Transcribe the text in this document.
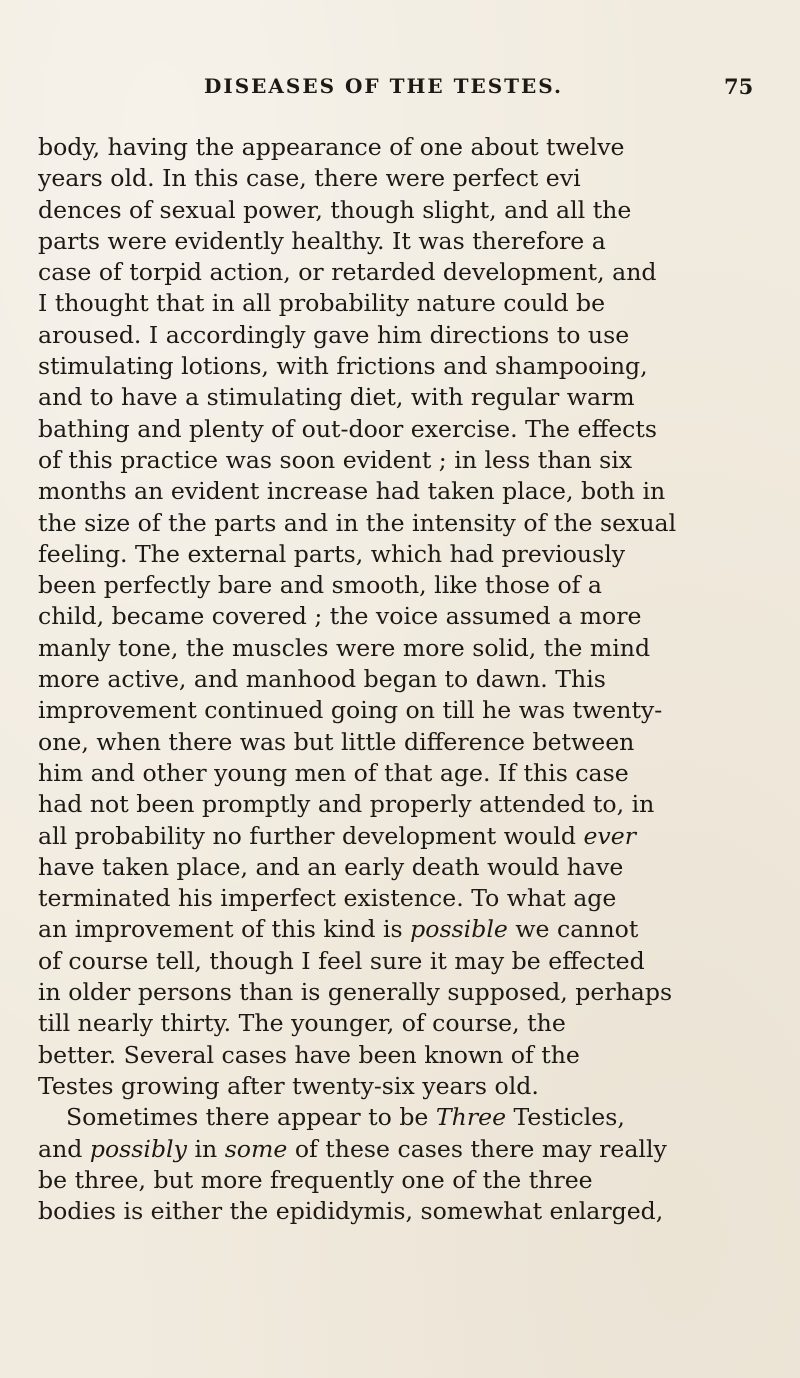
DISEASES OF THE TESTES.	75
body, having the appearance of one about twelve
years old. In this case, there were perfect evi
dences of sexual power, though slight, and all the
parts were evidently healthy. It was therefore a
case of torpid action, or retarded development, and
I thought that in all probability nature could be
aroused. I accordingly gave him directions to use
stimulating lotions, with frictions and shampooing,
and to have a stimulating diet, with regular warm
bathing and plenty of out-door exercise. The effects
of this practice was soon evident ; in less than six
months an evident increase had taken place, both in
the size of the parts and in the intensity of the sexual
feeling. The external parts, which had previously
been perfectly bare and smooth, like those of a
child, became covered ; the voice assumed a more
manly tone, the muscles were more solid, the mind
more active, and manhood began to dawn. This
improvement continued going on till he was twenty-
one, when there was but little difference between
him and other young men of that age. If this case
had not been promptly and properly attended to, in
all probability no further development would ever
have taken place, and an early death would have
terminated his imperfect existence. To what age
an improvement of this kind is possible we cannot
of course tell, though I feel sure it may be effected
in older persons than is generally supposed, perhaps
till nearly thirty. The younger, of course, the
better. Several cases have been known of the
Testes growing after twenty-six years old.
Sometimes there appear to be Three Testicles,
and possibly in some of these cases there may really
be three, but more frequently one of the three
bodies is either the epididymis, somewhat enlarged,
